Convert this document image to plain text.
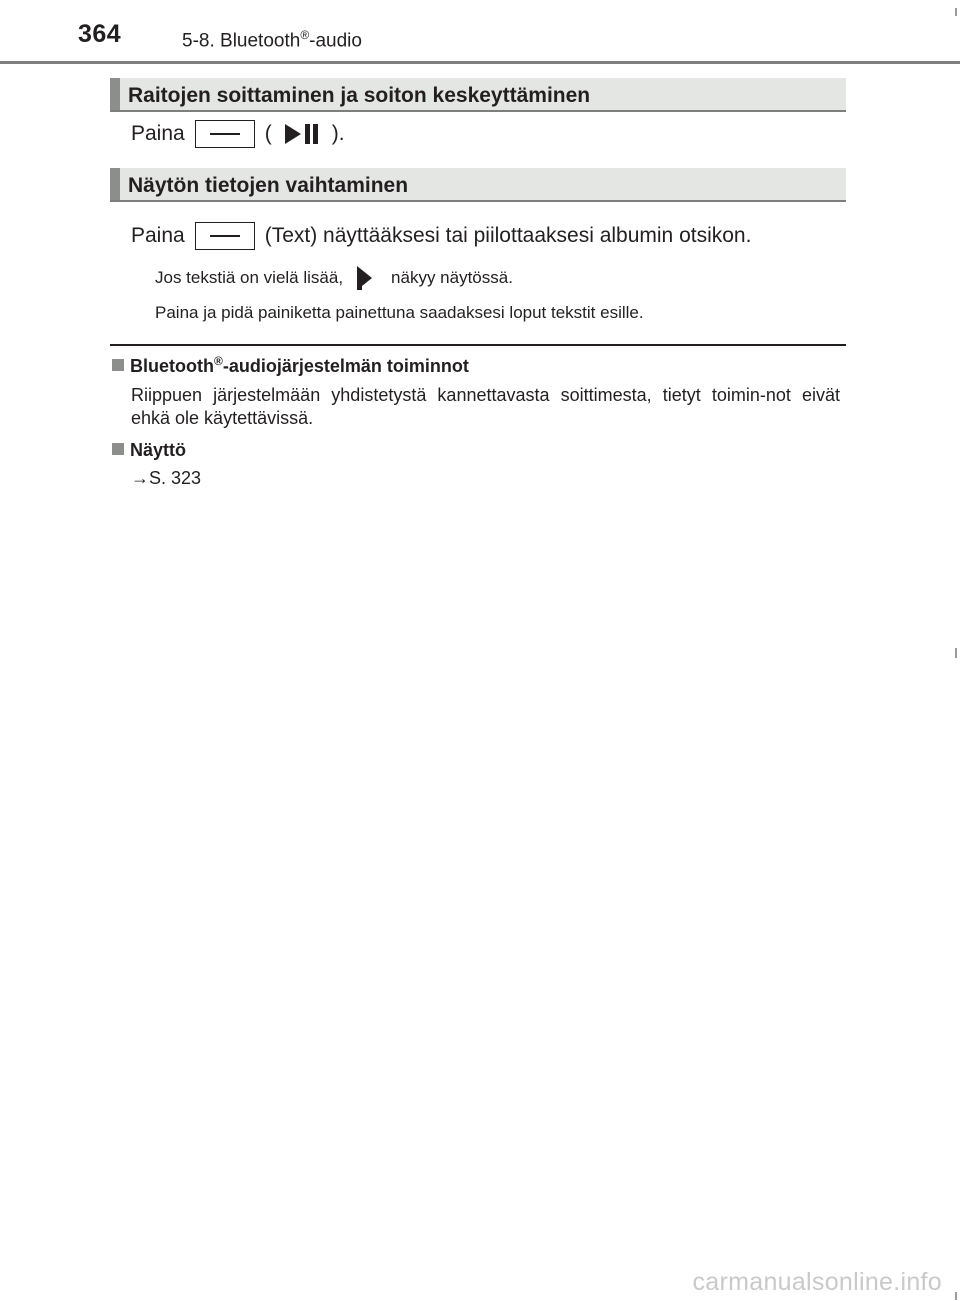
364	5-8. Bluetooth®-audio
Raitojen soittaminen ja soiton keskeyttäminen
Paina	(	).
Näytön tietojen vaihtaminen
Paina	(Text) näyttääksesi tai piilottaaksesi albumin otsikon.
Jos tekstiä on vielä lisää,	näkyy näytössä.
Paina ja pidä painiketta painettuna saadaksesi loput tekstit esille.
Bluetooth®-audiojärjestelmän toiminnot
Riippuen järjestelmään yhdistetystä kannettavasta soittimesta, tietyt toimin-not eivät ehkä ole käytettävissä.
Näyttö
→S. 323
carmanualsonline.info
